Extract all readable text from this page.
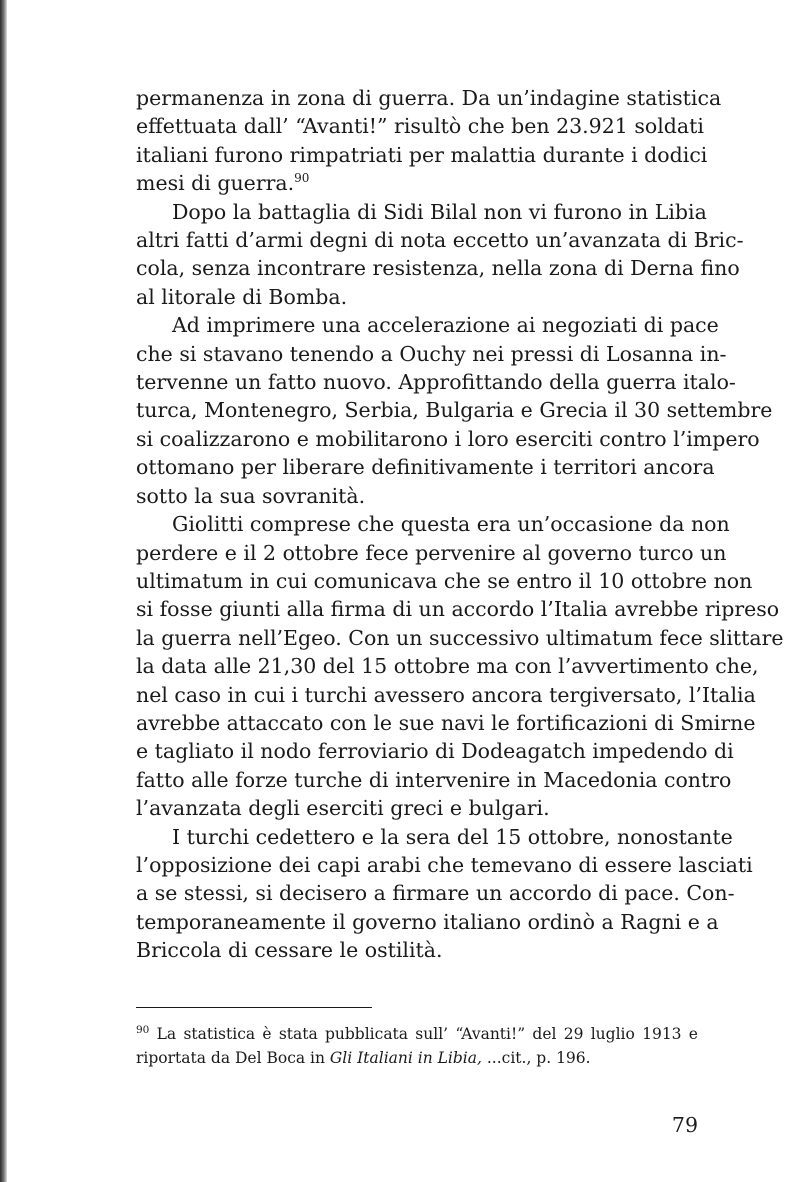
permanenza in zona di guerra. Da un’indagine statistica
effettuata dall’ “Avanti!” risultò che ben 23.921 soldati
italiani furono rimpatriati per malattia durante i dodici
mesi di guerra.$^{90}$

Dopo la battaglia di Sidi Bilal non vi furono in Libia
altri fatti d’armi degni di nota eccetto un’avanzata di Bric-
cola, senza incontrare resistenza, nella zona di Derna fino
al litorale di Bomba.

Ad imprimere una accelerazione ai negoziati di pace
che si stavano tenendo a Ouchy nei pressi di Losanna in-
tervenne un fatto nuovo. Approfittando della guerra italo-
turca, Montenegro, Serbia, Bulgaria e Grecia il 30 settembre
si coalizzarono e mobilitarono i loro eserciti contro l’impero
ottomano per liberare definitivamente i territori ancora
sotto la sua sovranità.

Giolitti comprese che questa era un’occasione da non
perdere e il 2 ottobre fece pervenire al governo turco un
ultimatum in cui comunicava che se entro il 10 ottobre non
si fosse giunti alla firma di un accordo l’Italia avrebbe ripreso
la guerra nell’Egeo. Con un successivo ultimatum fece slittare
la data alle 21,30 del 15 ottobre ma con l’avvertimento che,
nel caso in cui i turchi avessero ancora tergiversato, l’Italia
avrebbe attaccato con le sue navi le fortificazioni di Smirne
e tagliato il nodo ferroviario di Dodeagatch impedendo di
fatto alle forze turche di intervenire in Macedonia contro
l’avanzata degli eserciti greci e bulgari.

I turchi cedettero e la sera del 15 ottobre, nonostante
l’opposizione dei capi arabi che temevano di essere lasciati
a se stessi, si decisero a firmare un accordo di pace. Con-
temporaneamente il governo italiano ordinò a Ragni e a
Briccola di cessare le ostilità.

$^{90}$ La statistica è stata pubblicata sull’ “Avanti!” del 29 luglio 1913 e
riportata da Del Boca in Gli Italiani in Libia, ...cit., p. 196.
79
